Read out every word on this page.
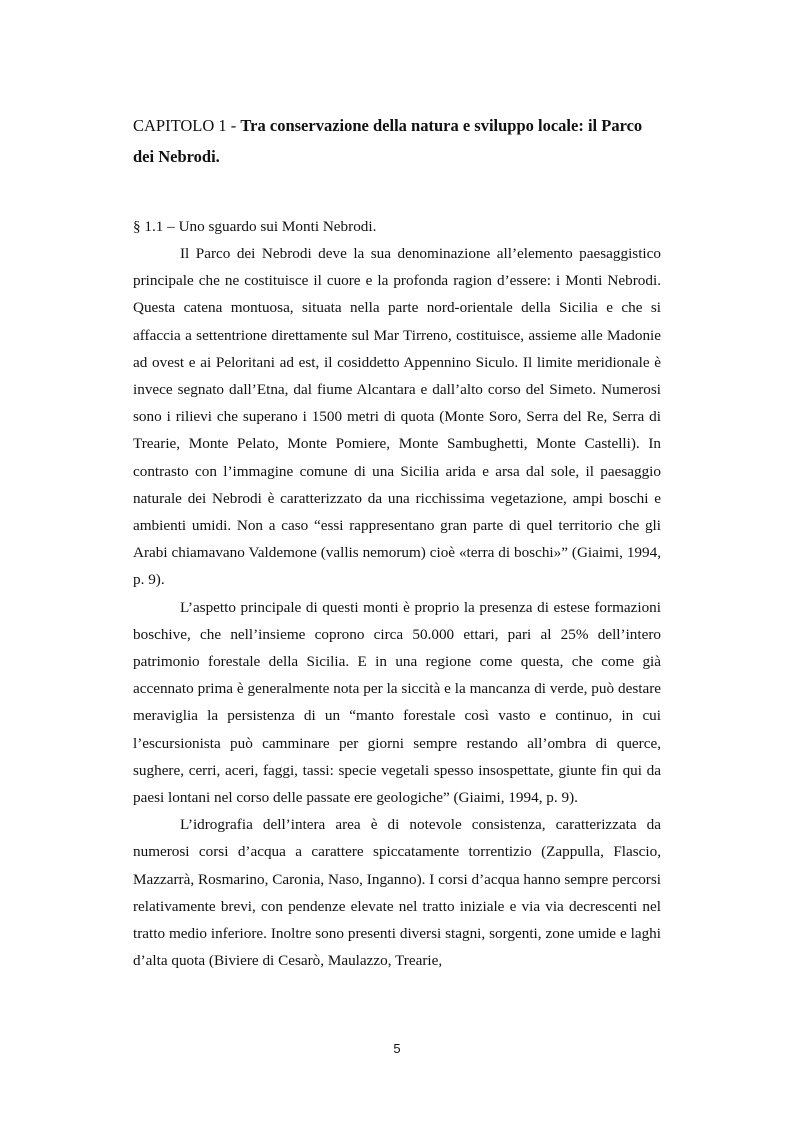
CAPITOLO 1 - Tra conservazione della natura e sviluppo locale: il Parco dei Nebrodi.

§ 1.1 – Uno sguardo sui Monti Nebrodi.

Il Parco dei Nebrodi deve la sua denominazione all’elemento paesaggistico principale che ne costituisce il cuore e la profonda ragion d’essere: i Monti Nebrodi. Questa catena montuosa, situata nella parte nord-orientale della Sicilia e che si affaccia a settentrione direttamente sul Mar Tirreno, costituisce, assieme alle Madonie ad ovest e ai Peloritani ad est, il cosiddetto Appennino Siculo. Il limite meridionale è invece segnato dall’Etna, dal fiume Alcantara e dall’alto corso del Simeto. Numerosi sono i rilievi che superano i 1500 metri di quota (Monte Soro, Serra del Re, Serra di Trearie, Monte Pelato, Monte Pomiere, Monte Sambughetti, Monte Castelli). In contrasto con l’immagine comune di una Sicilia arida e arsa dal sole, il paesaggio naturale dei Nebrodi è caratterizzato da una ricchissima vegetazione, ampi boschi e ambienti umidi. Non a caso “essi rappresentano gran parte di quel territorio che gli Arabi chiamavano Valdemone (vallis nemorum) cioè «terra di boschi»” (Giaimi, 1994, p. 9).

L’aspetto principale di questi monti è proprio la presenza di estese formazioni boschive, che nell’insieme coprono circa 50.000 ettari, pari al 25% dell’intero patrimonio forestale della Sicilia. E in una regione come questa, che come già accennato prima è generalmente nota per la siccità e la mancanza di verde, può destare meraviglia la persistenza di un “manto forestale così vasto e continuo, in cui l’escursionista può camminare per giorni sempre restando all’ombra di querce, sughere, cerri, aceri, faggi, tassi: specie vegetali spesso insospettate, giunte fin qui da paesi lontani nel corso delle passate ere geologiche” (Giaimi, 1994, p. 9).

L’idrografia dell’intera area è di notevole consistenza, caratterizzata da numerosi corsi d’acqua a carattere spiccatamente torrentizio (Zappulla, Flascio, Mazzarrà, Rosmarino, Caronia, Naso, Inganno). I corsi d’acqua hanno sempre percorsi relativamente brevi, con pendenze elevate nel tratto iniziale e via via decrescenti nel tratto medio inferiore. Inoltre sono presenti diversi stagni, sorgenti, zone umide e laghi d’alta quota (Biviere di Cesarò, Maulazzo, Trearie,

5
